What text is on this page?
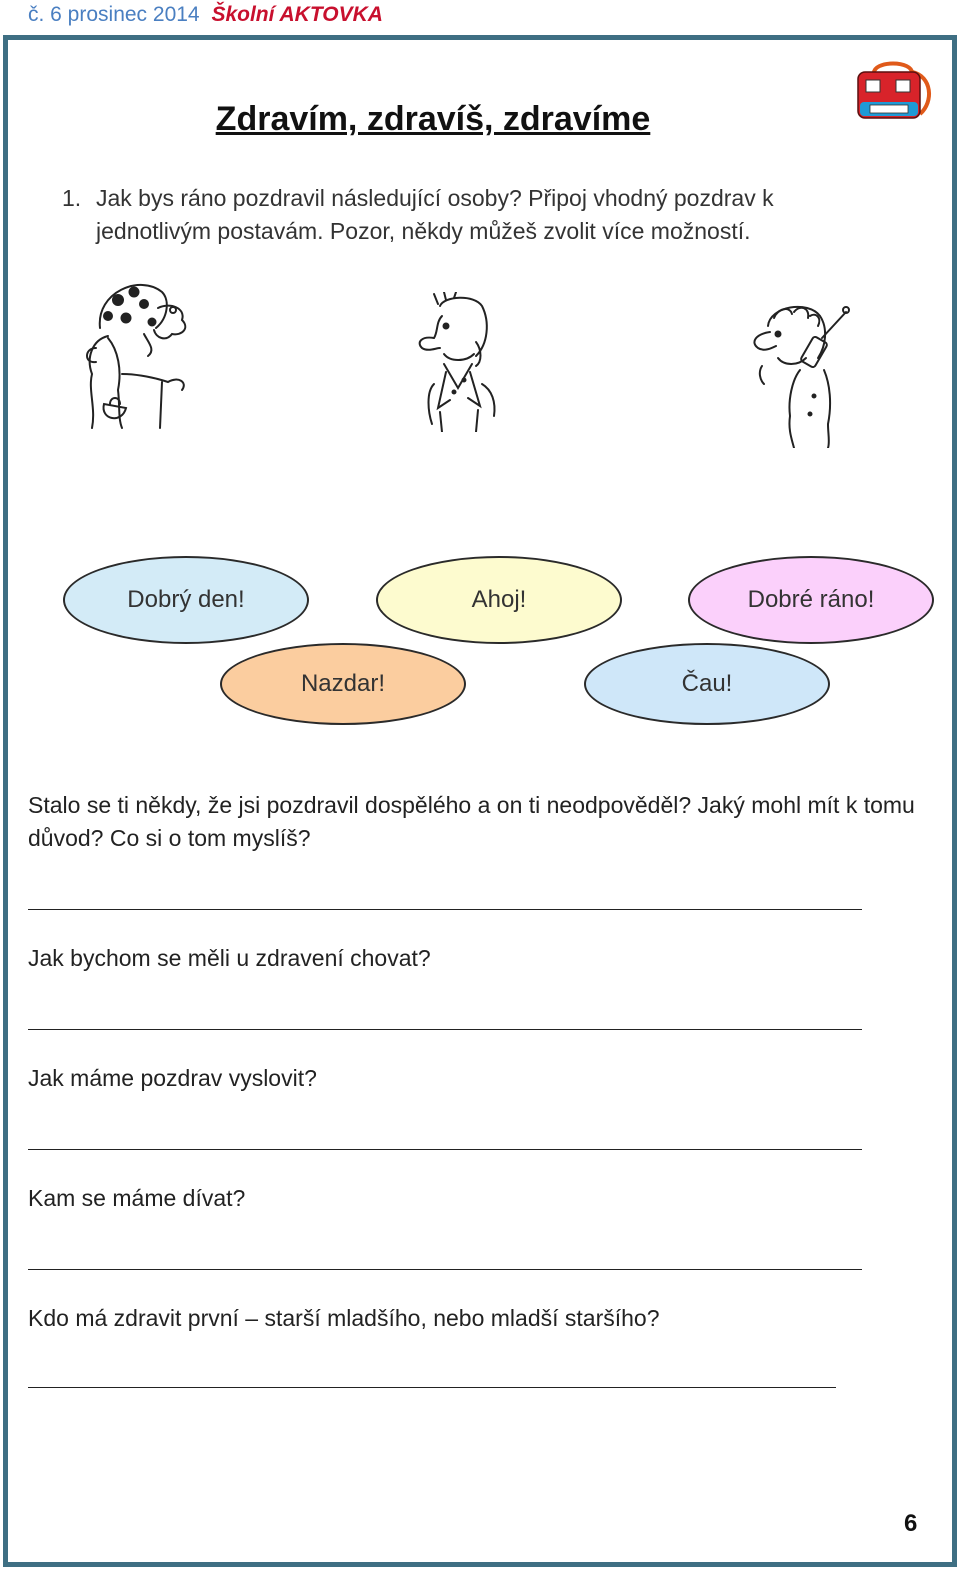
č. 6 prosinec 2014 Školní AKTOVKA
Zdravím, zdravíš, zdravíme
1. Jak bys ráno pozdravil následující osoby? Připoj vhodný pozdrav k jednotlivým postavám. Pozor, někdy můžeš zvolit více možností.
Dobrý den!	Ahoj!	Dobré ráno!
Nazdar!	Čau!
Stalo se ti někdy, že jsi pozdravil dospělého a on ti neodpověděl? Jaký mohl mít k tomu důvod? Co si o tom myslíš?
Jak bychom se měli u zdravení chovat?
Jak máme pozdrav vyslovit?
Kam se máme dívat?
Kdo má zdravit první – starší mladšího, nebo mladší staršího?
6
